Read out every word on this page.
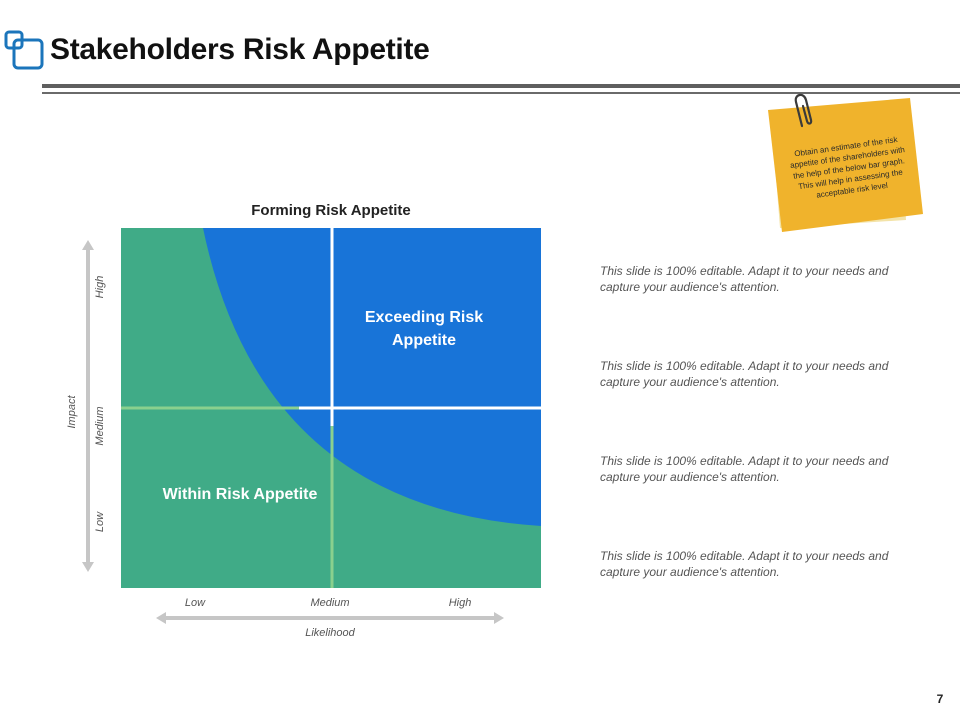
Stakeholders Risk Appetite
Obtain an estimate of the risk appetite of the shareholders with the help of the below bar graph. This will help in assessing the acceptable risk level
Forming Risk Appetite
Exceeding Risk Appetite
Within Risk Appetite
High
Medium
Low
Impact
Low	Medium	High
Likelihood
This slide is 100% editable. Adapt it to your needs and capture your audience's attention.
This slide is 100% editable. Adapt it to your needs and capture your audience's attention.
This slide is 100% editable. Adapt it to your needs and capture your audience's attention.
This slide is 100% editable. Adapt it to your needs and capture your audience's attention.
7
